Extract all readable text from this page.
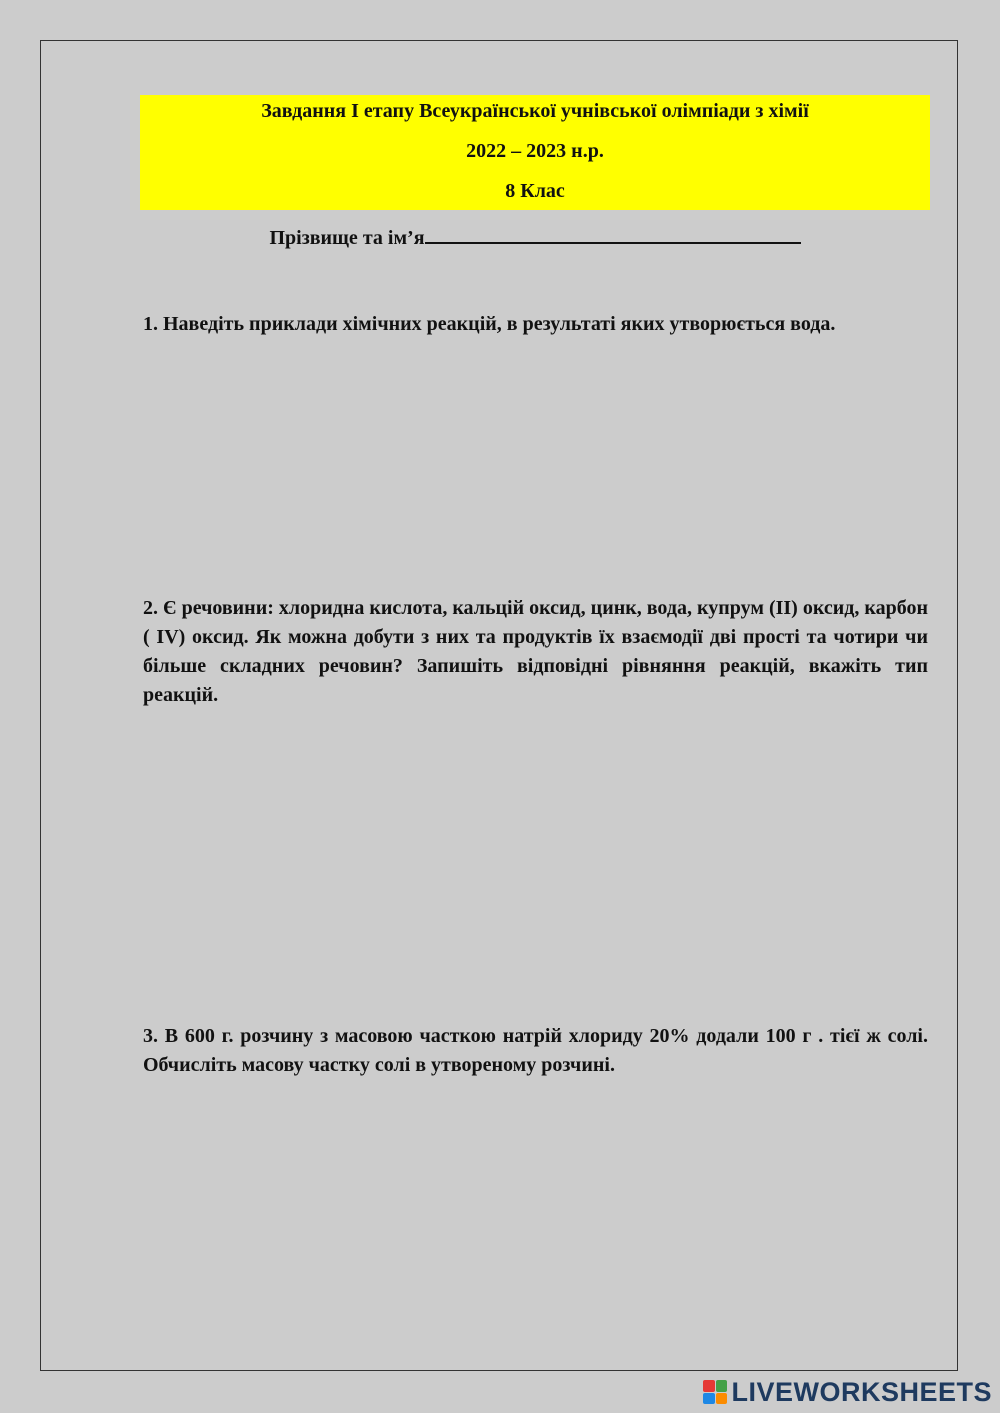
Завдання І етапу Всеукраїнської учнівської олімпіади з хімії
2022 – 2023 н.р.
8 Клас
Прізвище та ім’я
1. Наведіть приклади хімічних реакцій, в результаті яких утворюється вода.
2. Є речовини: хлоридна кислота, кальцій оксид, цинк, вода, купрум (ІІ) оксид, карбон ( IV) оксид. Як можна добути з них та продуктів їх взаємодії дві прості та чотири чи більше складних речовин? Запишіть відповідні рівняння реакцій, вкажіть тип реакцій.
3. В 600 г. розчину з масовою часткою натрій хлориду 20% додали 100 г . тієї ж солі. Обчисліть масову частку солі в утвореному розчині.
LIVEWORKSHEETS
